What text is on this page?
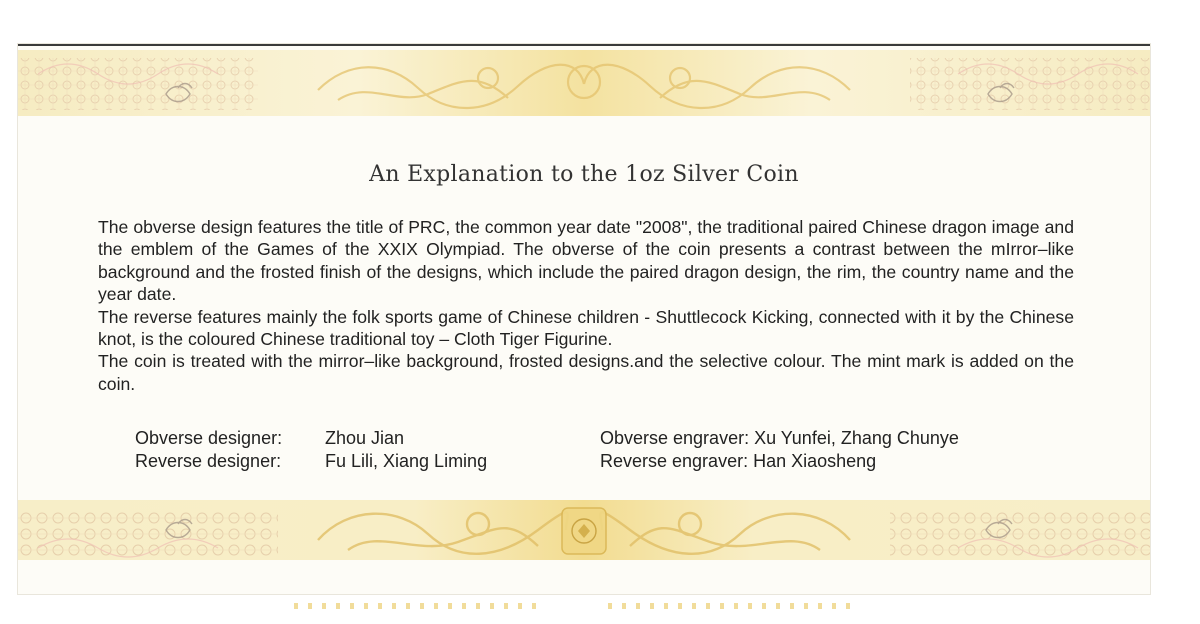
An Explanation to the 1oz Silver Coin

The obverse design features the title of PRC, the common year date "2008", the traditional paired Chinese dragon image and the emblem of the Games of the XXIX Olympiad. The obverse of the coin presents a contrast between the mIrror–like background and the frosted finish of the designs, which include the paired dragon design, the rim, the country name and the year date.

The reverse features mainly the folk sports game of Chinese children - Shuttlecock Kicking, connected with it by the Chinese knot, is the coloured Chinese traditional toy – Cloth Tiger Figurine.

The coin is treated with the mirror–like background, frosted designs.and the selective colour. The mint mark is added on the coin.

Obverse designer: Zhou Jian
Reverse designer: Fu Lili, Xiang Liming
Obverse engraver: Xu Yunfei, Zhang Chunye
Reverse engraver: Han Xiaosheng
